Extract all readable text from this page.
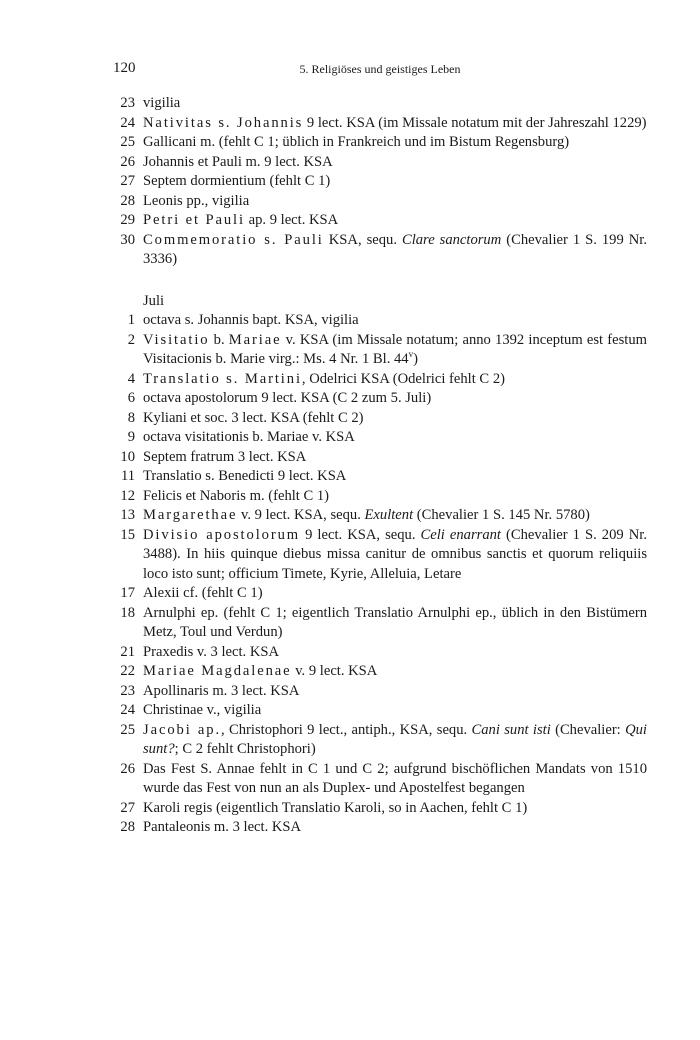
120	5. Religiöses und geistiges Leben
23 vigilia
24 Nativitas s. Johannis 9 lect. KSA (im Missale notatum mit der Jahreszahl 1229)
25 Gallicani m. (fehlt C 1; üblich in Frankreich und im Bistum Regensburg)
26 Johannis et Pauli m. 9 lect. KSA
27 Septem dormientium (fehlt C 1)
28 Leonis pp., vigilia
29 Petri et Pauli ap. 9 lect. KSA
30 Commemoratio s. Pauli KSA, sequ. Clare sanctorum (Chevalier 1 S. 199 Nr. 3336)
Juli
1 octava s. Johannis bapt. KSA, vigilia
2 Visitatio b. Mariae v. KSA (im Missale notatum; anno 1392 inceptum est festum Visitacionis b. Marie virg.: Ms. 4 Nr. 1 Bl. 44$^v$)
4 Translatio s. Martini, Odelrici KSA (Odelrici fehlt C 2)
6 octava apostolorum 9 lect. KSA (C 2 zum 5. Juli)
8 Kyliani et soc. 3 lect. KSA (fehlt C 2)
9 octava visitationis b. Mariae v. KSA
10 Septem fratrum 3 lect. KSA
11 Translatio s. Benedicti 9 lect. KSA
12 Felicis et Naboris m. (fehlt C 1)
13 Margarethae v. 9 lect. KSA, sequ. Exultent (Chevalier 1 S. 145 Nr. 5780)
15 Divisio apostolorum 9 lect. KSA, sequ. Celi enarrant (Chevalier 1 S. 209 Nr. 3488). In hiis quinque diebus missa canitur de omnibus sanctis et quorum reliquiis loco isto sunt; officium Timete, Kyrie, Alleluia, Letare
17 Alexii cf. (fehlt C 1)
18 Arnulphi ep. (fehlt C 1; eigentlich Translatio Arnulphi ep., üblich in den Bistümern Metz, Toul und Verdun)
21 Praxedis v. 3 lect. KSA
22 Mariae Magdalenae v. 9 lect. KSA
23 Apollinaris m. 3 lect. KSA
24 Christinae v., vigilia
25 Jacobi ap., Christophori 9 lect., antiph., KSA, sequ. Cani sunt isti (Chevalier: Qui sunt?; C 2 fehlt Christophori)
26 Das Fest S. Annae fehlt in C 1 und C 2; aufgrund bischöflichen Mandats von 1510 wurde das Fest von nun an als Duplex- und Apostelfest begangen
27 Karoli regis (eigentlich Translatio Karoli, so in Aachen, fehlt C 1)
28 Pantaleonis m. 3 lect. KSA
